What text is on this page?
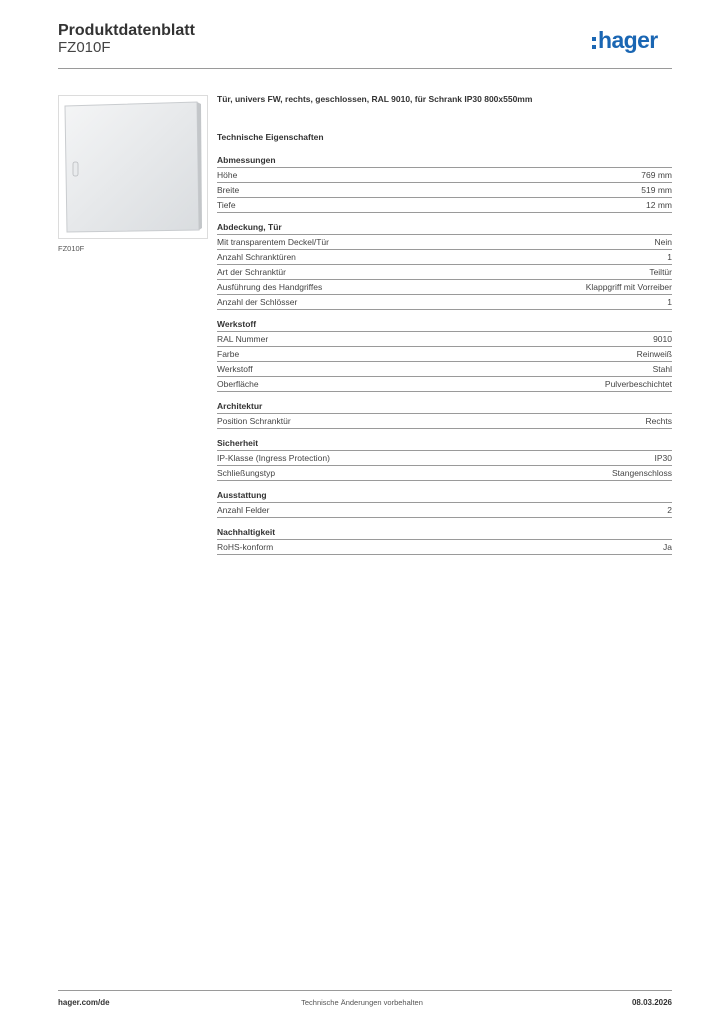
Produktdatenblatt
FZ010F	hager
FZ010F
Tür, univers FW, rechts, geschlossen, RAL 9010, für Schrank IP30 800x550mm
Technische Eigenschaften
Abmessungen
Höhe	769 mm
Breite	519 mm
Tiefe	12 mm
Abdeckung, Tür
Mit transparentem Deckel/Tür	Nein
Anzahl Schranktüren	1
Art der Schranktür	Teiltür
Ausführung des Handgriffes	Klappgriff mit Vorreiber
Anzahl der Schlösser	1
Werkstoff
RAL Nummer	9010
Farbe	Reinweiß
Werkstoff	Stahl
Oberfläche	Pulverbeschichtet
Architektur
Position Schranktür	Rechts
Sicherheit
IP-Klasse (Ingress Protection)	IP30
Schließungstyp	Stangenschloss
Ausstattung
Anzahl Felder	2
Nachhaltigkeit
RoHS-konform	Ja
hager.com/de	Technische Änderungen vorbehalten	08.03.2026
